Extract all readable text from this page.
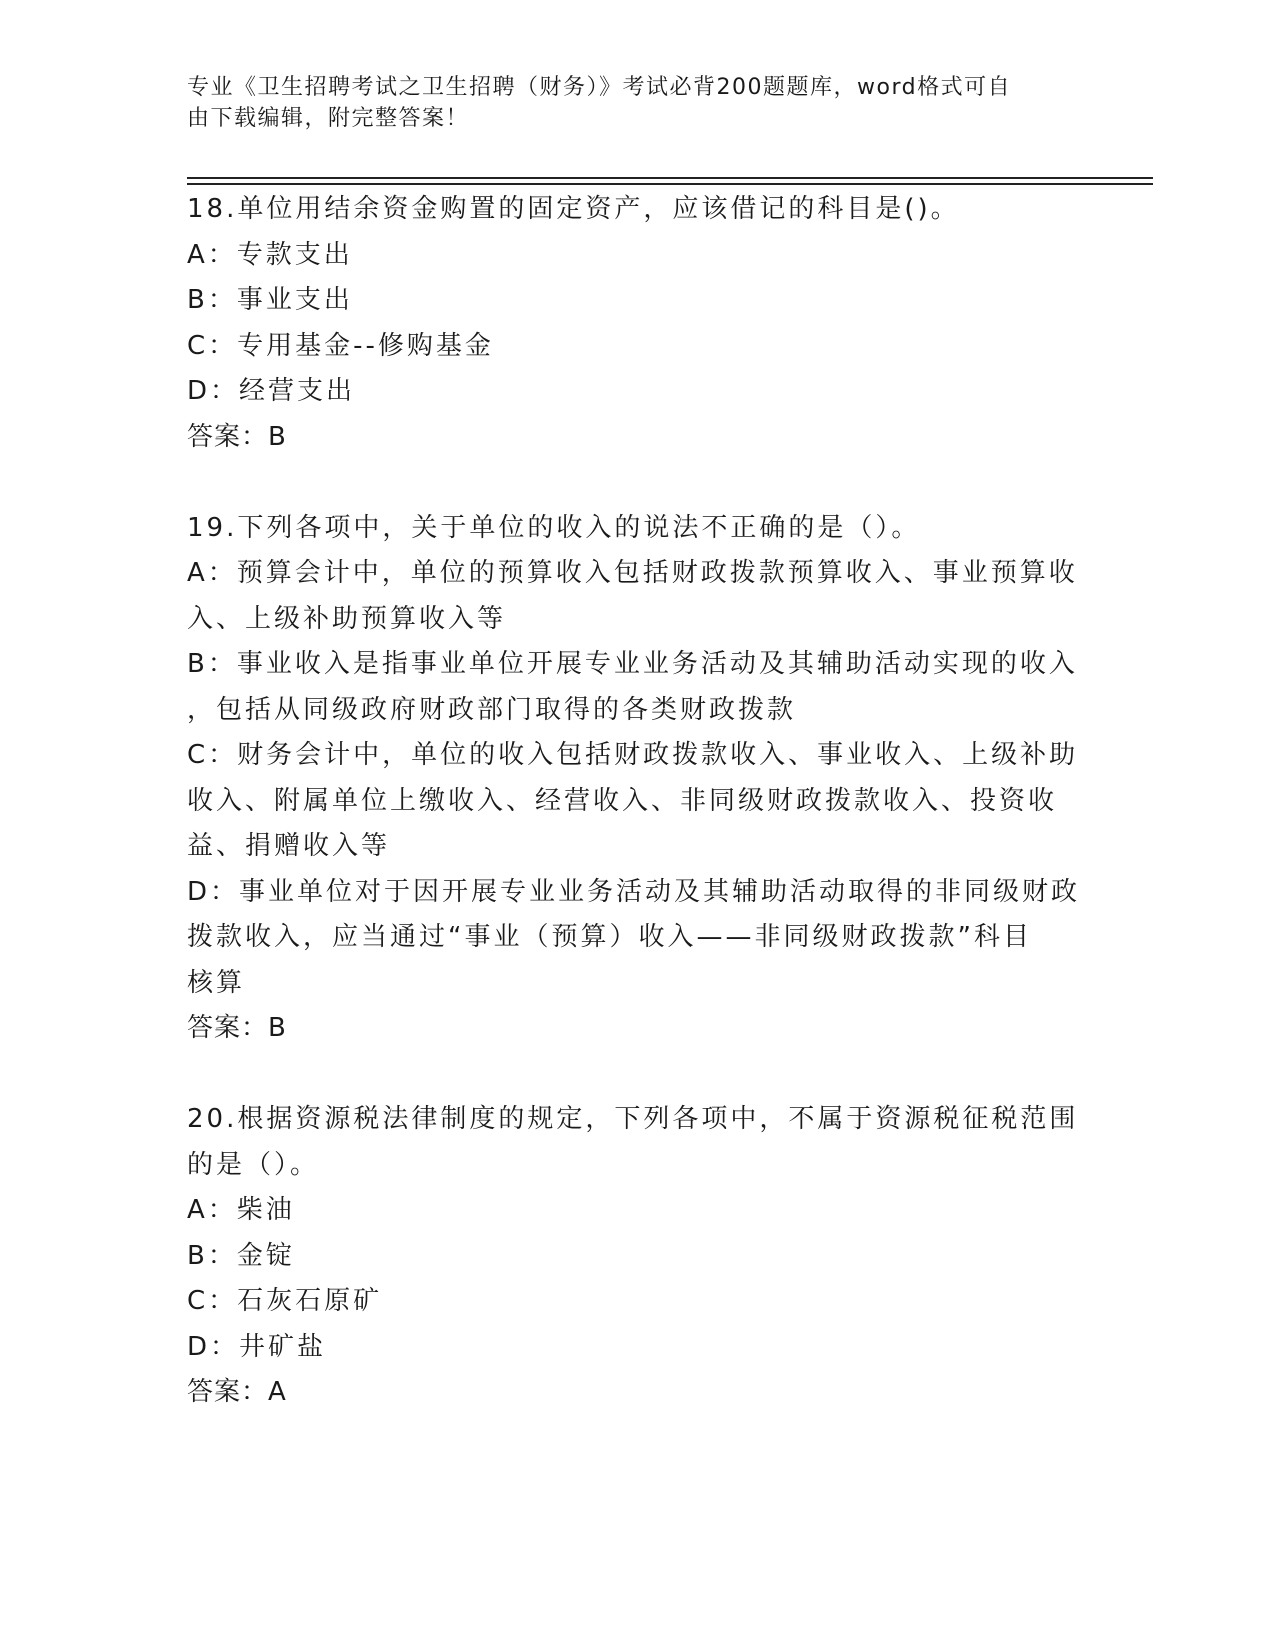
专业《卫生招聘考试之卫生招聘（财务）》考试必背200题题库，word格式可自
由下载编辑，附完整答案！
18.单位用结余资金购置的固定资产，应该借记的科目是()。
A：专款支出
B：事业支出
C：专用基金--修购基金
D：经营支出
答案：B
19.下列各项中，关于单位的收入的说法不正确的是（）。
A：预算会计中，单位的预算收入包括财政拨款预算收入、事业预算收
入、上级补助预算收入等
B：事业收入是指事业单位开展专业业务活动及其辅助活动实现的收入
，包括从同级政府财政部门取得的各类财政拨款
C：财务会计中，单位的收入包括财政拨款收入、事业收入、上级补助
收入、附属单位上缴收入、经营收入、非同级财政拨款收入、投资收
益、捐赠收入等
D：事业单位对于因开展专业业务活动及其辅助活动取得的非同级财政
拨款收入，应当通过“事业（预算）收入——非同级财政拨款”科目
核算
答案：B
20.根据资源税法律制度的规定，下列各项中，不属于资源税征税范围
的是（）。
A：柴油
B：金锭
C：石灰石原矿
D：井矿盐
答案：A
